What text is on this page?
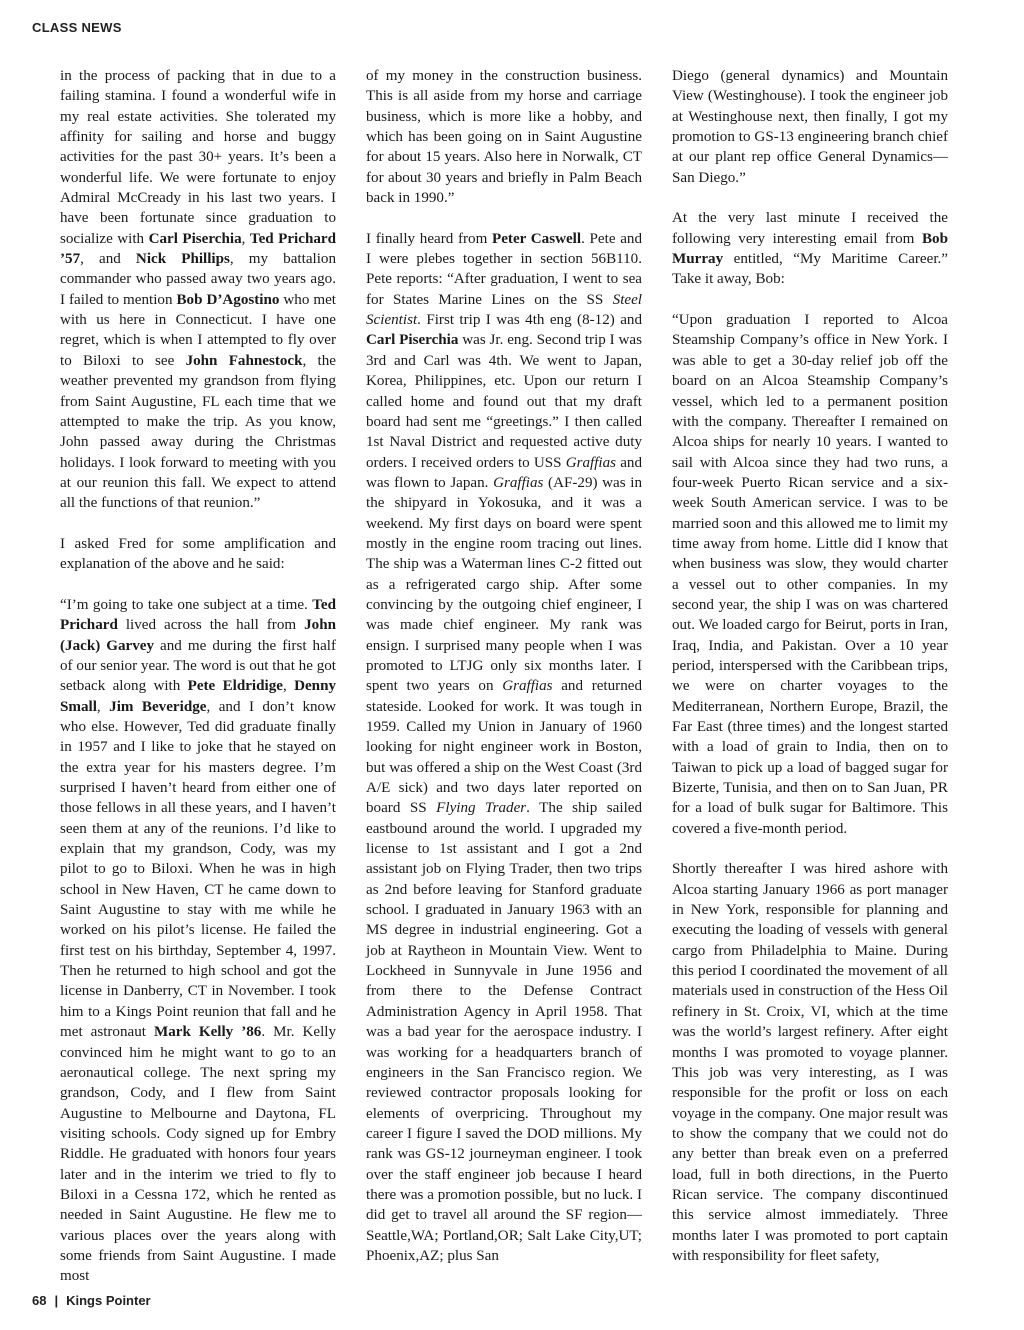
CLASS NEWS

in the process of packing that in due to a failing stamina. I found a wonderful wife in my real estate activities. She tolerated my affinity for sailing and horse and buggy activities for the past 30+ years. It’s been a wonderful life. We were fortunate to enjoy Admiral McCready in his last two years. I have been fortunate since graduation to socialize with Carl Piserchia, Ted Prichard ’57, and Nick Phillips, my battalion commander who passed away two years ago. I failed to mention Bob D’Agostino who met with us here in Connecticut. I have one regret, which is when I attempted to fly over to Biloxi to see John Fahnestock, the weather prevented my grandson from flying from Saint Augustine, FL each time that we attempted to make the trip. As you know, John passed away during the Christmas holidays. I look forward to meeting with you at our reunion this fall. We expect to attend all the functions of that reunion.”

I asked Fred for some amplification and explanation of the above and he said:

“I’m going to take one subject at a time. Ted Prichard lived across the hall from John (Jack) Garvey and me during the first half of our senior year. The word is out that he got setback along with Pete Eldridige, Denny Small, Jim Beveridge, and I don’t know who else. However, Ted did graduate finally in 1957 and I like to joke that he stayed on the extra year for his masters degree. I’m surprised I haven’t heard from either one of those fellows in all these years, and I haven’t seen them at any of the reunions. I’d like to explain that my grandson, Cody, was my pilot to go to Biloxi. When he was in high school in New Haven, CT he came down to Saint Augustine to stay with me while he worked on his pilot’s license. He failed the first test on his birthday, September 4, 1997. Then he returned to high school and got the license in Danberry, CT in November. I took him to a Kings Point reunion that fall and he met astronaut Mark Kelly ’86. Mr. Kelly convinced him he might want to go to an aeronautical college. The next spring my grandson, Cody, and I flew from Saint Augustine to Melbourne and Daytona, FL visiting schools. Cody signed up for Embry Riddle. He graduated with honors four years later and in the interim we tried to fly to Biloxi in a Cessna 172, which he rented as needed in Saint Augustine. He flew me to various places over the years along with some friends from Saint Augustine. I made most

of my money in the construction business. This is all aside from my horse and carriage business, which is more like a hobby, and which has been going on in Saint Augustine for about 15 years. Also here in Norwalk, CT for about 30 years and briefly in Palm Beach back in 1990.”

I finally heard from Peter Caswell. Pete and I were plebes together in section 56B110. Pete reports: “After graduation, I went to sea for States Marine Lines on the SS Steel Scientist. First trip I was 4th eng (8-12) and Carl Piserchia was Jr. eng. Second trip I was 3rd and Carl was 4th. We went to Japan, Korea, Philippines, etc. Upon our return I called home and found out that my draft board had sent me “greetings.” I then called 1st Naval District and requested active duty orders. I received orders to USS Graffias and was flown to Japan. Graffias (AF-29) was in the shipyard in Yokosuka, and it was a weekend. My first days on board were spent mostly in the engine room tracing out lines. The ship was a Waterman lines C-2 fitted out as a refrigerated cargo ship. After some convincing by the outgoing chief engineer, I was made chief engineer. My rank was ensign. I surprised many people when I was promoted to LTJG only six months later. I spent two years on Graffias and returned stateside. Looked for work. It was tough in 1959. Called my Union in January of 1960 looking for night engineer work in Boston, but was offered a ship on the West Coast (3rd A/E sick) and two days later reported on board SS Flying Trader. The ship sailed eastbound around the world. I upgraded my license to 1st assistant and I got a 2nd assistant job on Flying Trader, then two trips as 2nd before leaving for Stanford graduate school. I graduated in January 1963 with an MS degree in industrial engineering. Got a job at Raytheon in Mountain View. Went to Lockheed in Sunnyvale in June 1956 and from there to the Defense Contract Administration Agency in April 1958. That was a bad year for the aerospace industry. I was working for a headquarters branch of engineers in the San Francisco region. We reviewed contractor proposals looking for elements of overpricing. Throughout my career I figure I saved the DOD millions. My rank was GS-12 journeyman engineer. I took over the staff engineer job because I heard there was a promotion possible, but no luck. I did get to travel all around the SF region—Seattle,WA; Portland,OR; Salt Lake City,UT; Phoenix,AZ; plus San

Diego (general dynamics) and Mountain View (Westinghouse). I took the engineer job at Westinghouse next, then finally, I got my promotion to GS-13 engineering branch chief at our plant rep office General Dynamics—San Diego.”

At the very last minute I received the following very interesting email from Bob Murray entitled, “My Maritime Career.” Take it away, Bob:

“Upon graduation I reported to Alcoa Steamship Company’s office in New York. I was able to get a 30-day relief job off the board on an Alcoa Steamship Company’s vessel, which led to a permanent position with the company. Thereafter I remained on Alcoa ships for nearly 10 years. I wanted to sail with Alcoa since they had two runs, a four-week Puerto Rican service and a six-week South American service. I was to be married soon and this allowed me to limit my time away from home. Little did I know that when business was slow, they would charter a vessel out to other companies. In my second year, the ship I was on was chartered out. We loaded cargo for Beirut, ports in Iran, Iraq, India, and Pakistan. Over a 10 year period, interspersed with the Caribbean trips, we were on charter voyages to the Mediterranean, Northern Europe, Brazil, the Far East (three times) and the longest started with a load of grain to India, then on to Taiwan to pick up a load of bagged sugar for Bizerte, Tunisia, and then on to San Juan, PR for a load of bulk sugar for Baltimore. This covered a five-month period.

Shortly thereafter I was hired ashore with Alcoa starting January 1966 as port manager in New York, responsible for planning and executing the loading of vessels with general cargo from Philadelphia to Maine. During this period I coordinated the movement of all materials used in construction of the Hess Oil refinery in St. Croix, VI, which at the time was the world’s largest refinery. After eight months I was promoted to voyage planner. This job was very interesting, as I was responsible for the profit or loss on each voyage in the company. One major result was to show the company that we could not do any better than break even on a preferred load, full in both directions, in the Puerto Rican service. The company discontinued this service almost immediately. Three months later I was promoted to port captain with responsibility for fleet safety,

68 | Kings Pointer
